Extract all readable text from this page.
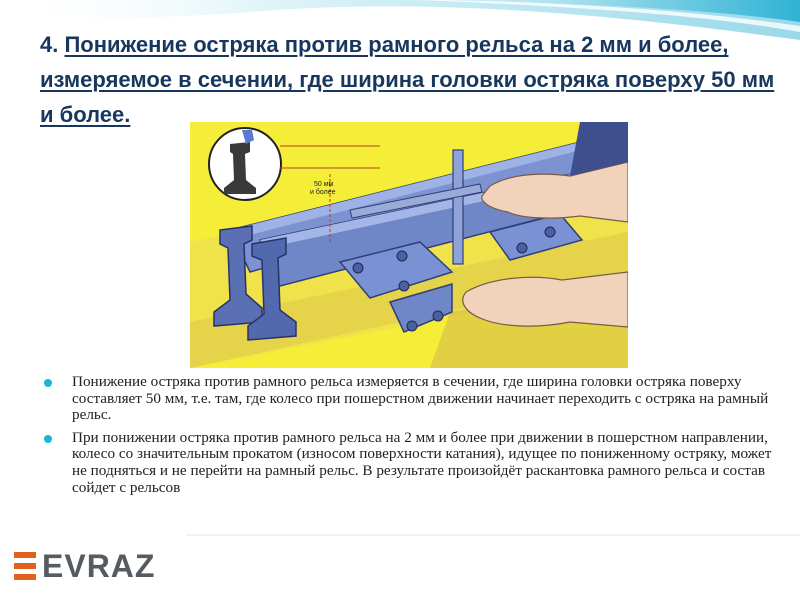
4. Понижение остряка против рамного рельса на 2 мм и более, измеряемое в сечении, где ширина головки остряка поверху 50 мм и более.
50 мм и более
Понижение остряка против рамного рельса измеряется в сечении, где ширина головки остряка поверху составляет 50 мм, т.е. там, где колесо при пошерстном движении начинает переходить с остряка на рамный рельс.
При понижении остряка против рамного рельса на 2 мм и более при движении в пошерстном направлении, колесо со значительным прокатом (износом поверхности катания), идущее по пониженному остряку, может не подняться и не перейти на рамный рельс. В результате произойдёт раскантовка рамного рельса и состав сойдет с рельсов
EVRAZ
